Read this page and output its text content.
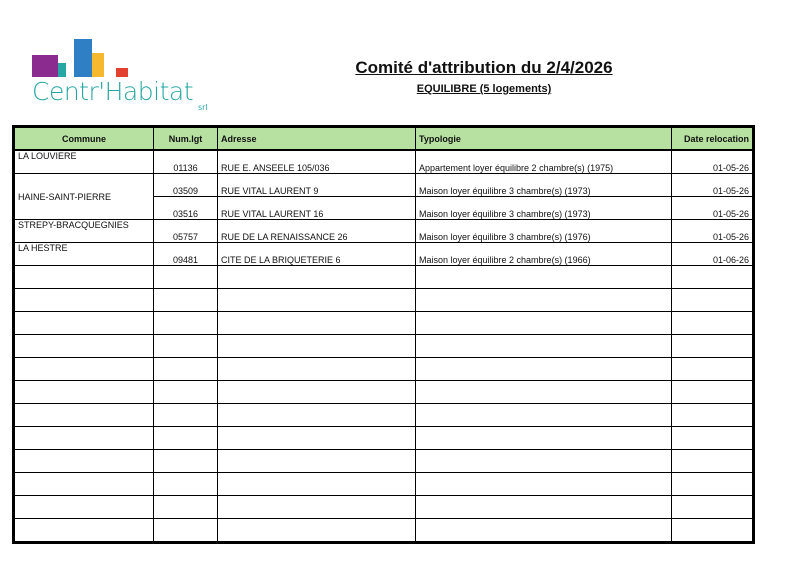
Centr'Habitat
srl
Comité d'attribution du 2/4/2026
EQUILIBRE (5 logements)
Commune	Num.lgt	Adresse	Typologie	Date relocation
LA LOUVIERE	01136	RUE E. ANSEELE 105/036	Appartement loyer équilibre 2 chambre(s) (1975)	01-05-26
HAINE-SAINT-PIERRE	03509	RUE VITAL LAURENT 9	Maison loyer équilibre 3 chambre(s) (1973)	01-05-26
	03516	RUE VITAL LAURENT 16	Maison loyer équilibre 3 chambre(s) (1973)	01-05-26
STREPY-BRACQUEGNIES	05757	RUE DE LA RENAISSANCE 26	Maison loyer équilibre 3 chambre(s) (1976)	01-05-26
LA HESTRE	09481	CITE DE LA BRIQUETERIE 6	Maison loyer équilibre 2 chambre(s) (1966)	01-06-26
